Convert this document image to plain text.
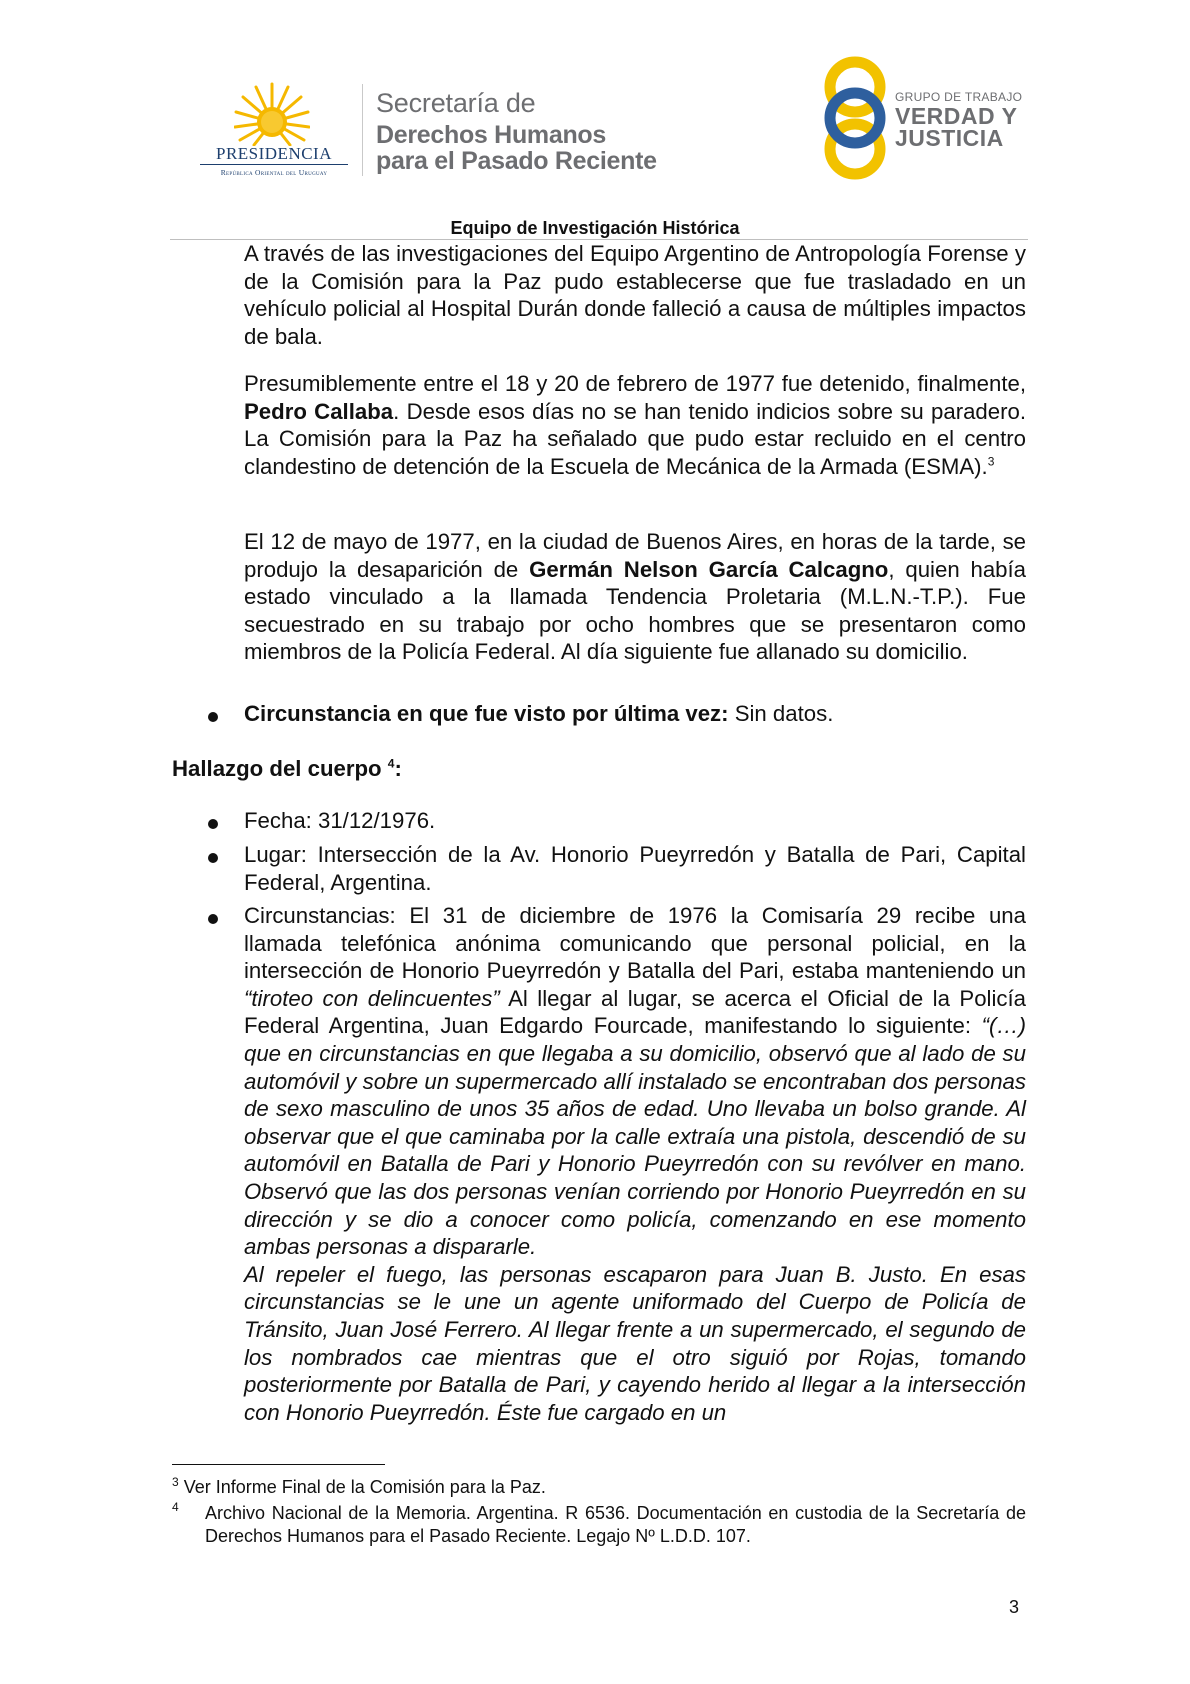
PRESIDENCIA
República Oriental del Uruguay
Secretaría de
Derechos Humanos
para el Pasado Reciente
GRUPO DE TRABAJO
VERDAD Y
JUSTICIA
Equipo de Investigación Histórica

A través de las investigaciones del Equipo Argentino de Antropología Forense y de la Comisión para la Paz pudo establecerse que fue trasladado en un vehículo policial al Hospital Durán donde falleció a causa de múltiples impactos de bala.

Presumiblemente entre el 18 y 20 de febrero de 1977 fue detenido, finalmente, Pedro Callaba. Desde esos días no se han tenido indicios sobre su paradero. La Comisión para la Paz ha señalado que pudo estar recluido en el centro clandestino de detención de la Escuela de Mecánica de la Armada (ESMA).$^3$

El 12 de mayo de 1977, en la ciudad de Buenos Aires, en horas de la tarde, se produjo la desaparición de Germán Nelson García Calcagno, quien había estado vinculado a la llamada Tendencia Proletaria (M.L.N.-T.P.). Fue secuestrado en su trabajo por ocho hombres que se presentaron como miembros de la Policía Federal. Al día siguiente fue allanado su domicilio.

Circunstancia en que fue visto por última vez: Sin datos.

Hallazgo del cuerpo $^4$:

Fecha: 31/12/1976.

Lugar: Intersección de la Av. Honorio Pueyrredón y Batalla de Pari, Capital Federal, Argentina.

Circunstancias: El 31 de diciembre de 1976 la Comisaría 29 recibe una llamada telefónica anónima comunicando que personal policial, en la intersección de Honorio Pueyrredón y Batalla del Pari, estaba manteniendo un “tiroteo con delincuentes” Al llegar al lugar, se acerca el Oficial de la Policía Federal Argentina, Juan Edgardo Fourcade, manifestando lo siguiente: “(…) que en circunstancias en que llegaba a su domicilio, observó que al lado de su automóvil y sobre un supermercado allí instalado se encontraban dos personas de sexo masculino de unos 35 años de edad. Uno llevaba un bolso grande. Al observar que el que caminaba por la calle extraía una pistola, descendió de su automóvil en Batalla de Pari y Honorio Pueyrredón con su revólver en mano. Observó que las dos personas venían corriendo por Honorio Pueyrredón en su dirección y se dio a conocer como policía, comenzando en ese momento ambas personas a dispararle.
Al repeler el fuego, las personas escaparon para Juan B. Justo. En esas circunstancias se le une un agente uniformado del Cuerpo de Policía de Tránsito, Juan José Ferrero. Al llegar frente a un supermercado, el segundo de los nombrados cae mientras que el otro siguió por Rojas, tomando posteriormente por Batalla de Pari, y cayendo herido al llegar a la intersección con Honorio Pueyrredón. Éste fue cargado en un

$^3$ Ver Informe Final de la Comisión para la Paz.

4 Archivo Nacional de la Memoria. Argentina. R 6536. Documentación en custodia de la Secretaría de Derechos Humanos para el Pasado Reciente. Legajo Nº L.D.D. 107.

3
